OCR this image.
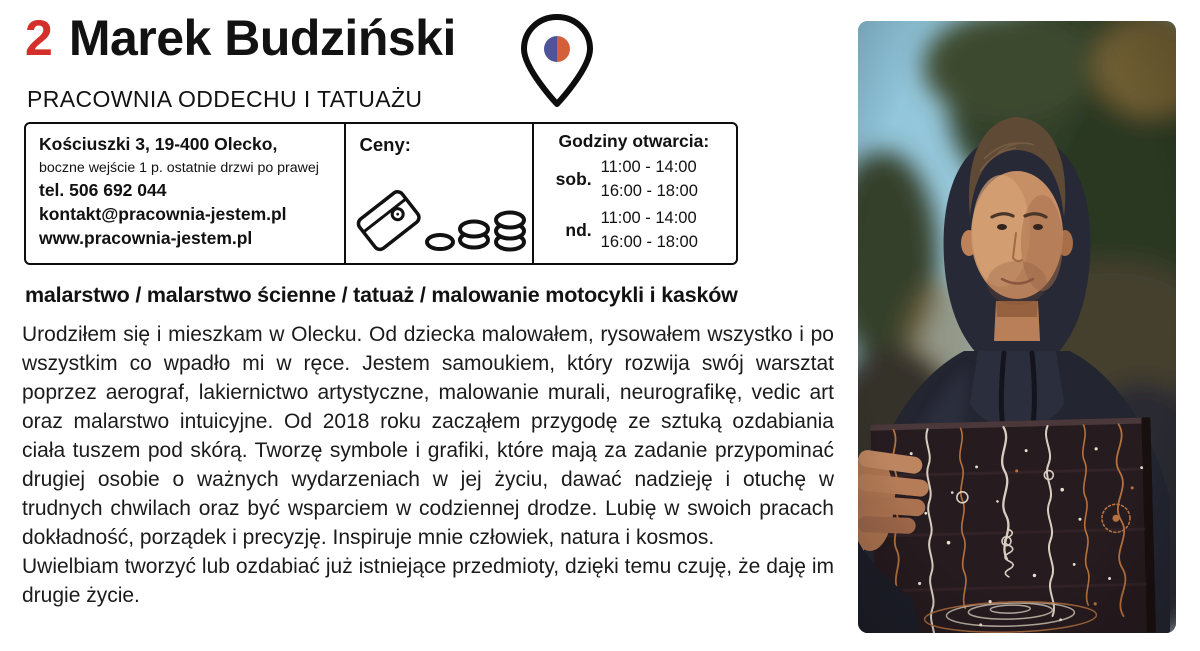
2 Marek Budziński
PRACOWNIA ODDECHU I TATUAŻU
Kościuszki 3, 19-400 Olecko,
boczne wejście 1 p. ostatnie drzwi po prawej
tel. 506 692 044
kontakt@pracownia-jestem.pl
www.pracownia-jestem.pl
Ceny:	Godziny otwarcia:
sob.
11:00 - 14:00
16:00 - 18:00
nd.
11:00 - 14:00
16:00 - 18:00
malarstwo / malarstwo ścienne / tatuaż / malowanie motocykli i kasków

Urodziłem się i mieszkam w Olecku. Od dziecka malowałem, rysowałem wszystko i po wszystkim co wpadło mi w ręce. Jestem samoukiem, który rozwija swój warsztat poprzez aerograf, lakiernictwo artystyczne, malowanie murali, neurografikę, vedic art oraz malarstwo intuicyjne. Od 2018 roku zacząłem przygodę ze sztuką ozdabiania ciała tuszem pod skórą. Tworzę symbole i grafiki, które mają za zadanie przypominać drugiej osobie o ważnych wydarzeniach w jej życiu, dawać nadzieję i otuchę w trudnych chwilach oraz być wsparciem w codziennej drodze. Lubię w swoich pracach dokładność, porządek i precyzję. Inspiruje mnie człowiek, natura i kosmos.

Uwielbiam tworzyć lub ozdabiać już istniejące przedmioty, dzięki temu czuję, że daję im drugie życie.
